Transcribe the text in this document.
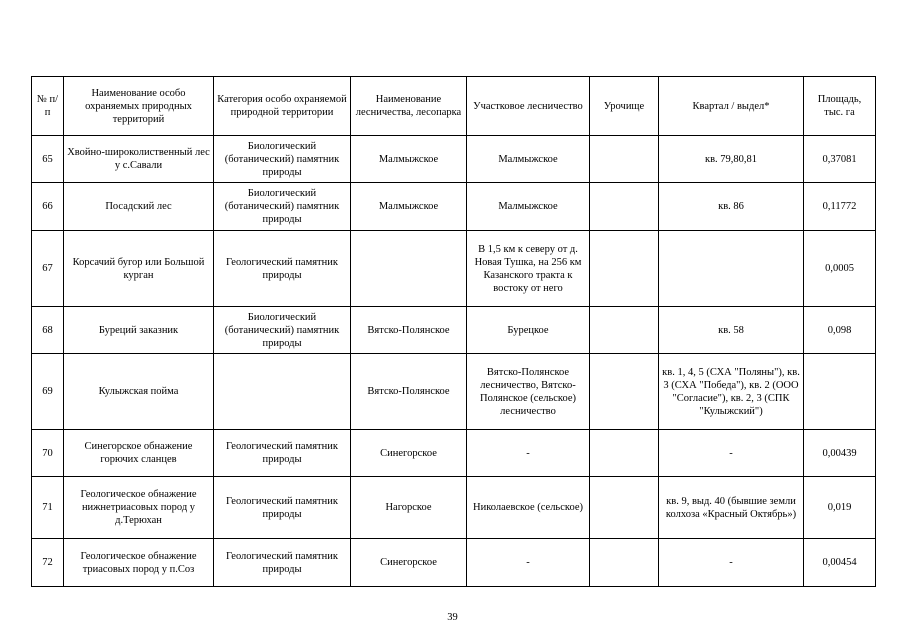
№ п/п	Наименование особо охраняемых природных территорий	Категория особо охраняемой природной территории	Наименование лесничества, лесопарка	Участковое лесничество	Урочище	Квартал / выдел*	Площадь, тыс. га
65	Хвойно-широколиственный лес у с.Савали	Биологический (ботанический) памятник природы	Малмыжское	Малмыжское		кв. 79,80,81	0,37081
66	Посадский лес	Биологический (ботанический) памятник природы	Малмыжское	Малмыжское		кв. 86	0,11772
67	Корсачий бугор или Большой курган	Геологический памятник природы		В 1,5 км к северу от д. Новая Тушка, на 256 км Казанского тракта к востоку от него			0,0005
68	Буреций заказник	Биологический (ботанический) памятник природы	Вятско-Полянское	Бурецкое		кв. 58	0,098
69	Кулыжская пойма		Вятско-Полянское	Вятско-Полянское лесничество, Вятско-Полянское (сельское) лесничество		кв. 1, 4, 5 (СХА "Поляны"), кв. 3 (СХА "Победа"), кв. 2 (ООО "Согласие"), кв. 2, 3 (СПК "Кулыжский")	
70	Синегорское обнажение горючих сланцев	Геологический памятник природы	Синегорское	-		-	0,00439
71	Геологическое обнажение нижнетриасовых пород у д.Терюхан	Геологический памятник природы	Нагорское	Николаевское (сельское)		кв. 9, выд. 40 (бывшие земли колхоза «Красный Октябрь»)	0,019
72	Геологическое обнажение триасовых пород у п.Соз	Геологический памятник природы	Синегорское	-		-	0,00454
39
